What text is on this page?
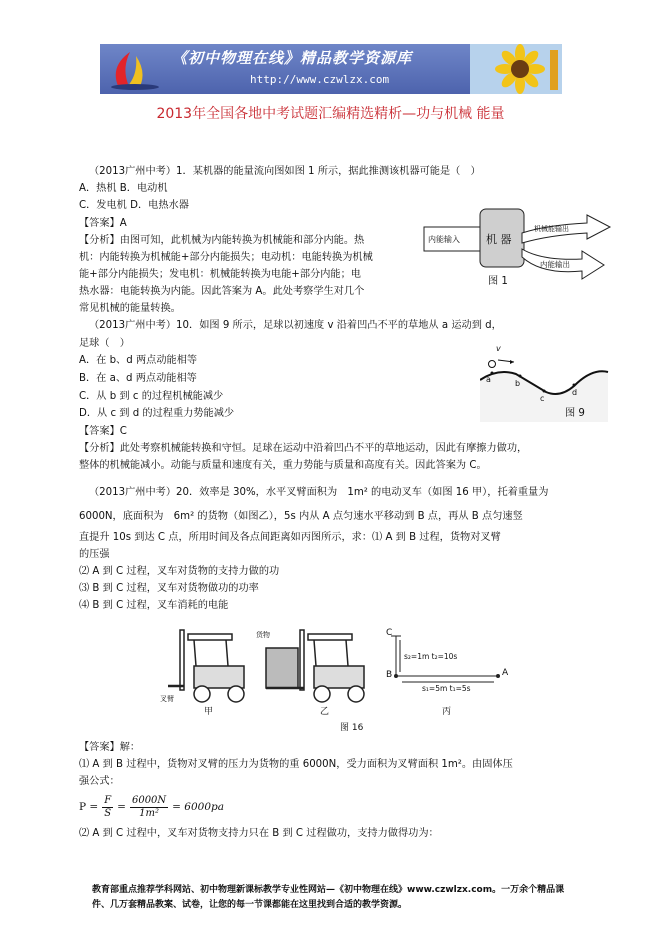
《初中物理在线》精品教学资源库
http://www.czwlzx.com
2013年全国各地中考试题汇编精选精析—功与机械 能量
（2013广州中考）1．某机器的能量流向图如图 1 所示，据此推测该机器可能是（　）
A．热机 B．电动机
C．发电机 D．电热水器
【答案】A
【分析】由图可知，此机械为内能转换为机械能和部分内能。热
机：内能转换为机械能+部分内能损失；电动机：电能转换为机械
能+部分内能损失；发电机：机械能转换为电能+部分内能；电
热水器：电能转换为内能。因此答案为 A。此处考察学生对几个
常见机械的能量转换。
内能输入 机 器
机械能输出
内能输出
图 1
（2013广州中考）10．如图 9 所示，足球以初速度 v 沿着凹凸不平的草地从 a 运动到 d，
足球（　）
A．在 b、d 两点动能相等
B．在 a、d 两点动能相等
C．从 b 到 c 的过程机械能减少
D．从 c 到 d 的过程重力势能减少
【答案】C
【分析】此处考察机械能转换和守恒。足球在运动中沿着凹凸不平的草地运动，因此有摩擦力做功，
整体的机械能减小。动能与质量和速度有关，重力势能与质量和高度有关。因此答案为 C。
v
a	b
c
d
图 9
（2013广州中考）20．效率是 30%，水平叉臂面积为　1m² 的电动叉车（如图 16 甲），托着重量为
6000N，底面积为　6m² 的货物（如图乙），5s 内从 A 点匀速水平移动到 B 点，再从 B 点匀速竖
直提升 10s 到达 C 点，所用时间及各点间距离如丙图所示，求：⑴ A 到 B 过程，货物对叉臂
的压强
⑵ A 到 C 过程，叉车对货物的支持力做的功
⑶ B 到 C 过程，叉车对货物做功的功率
⑷ B 到 C 过程，叉车消耗的电能
货物
叉臂
甲	乙	丙
C
B	A
s₂=1m t₂=10s
s₁=5m t₁=5s
图 16
【答案】解：
⑴ A 到 B 过程中，货物对叉臂的压力为货物的重 6000N，受力面积为叉臂面积 1m²。由固体压
强公式：
$P = \frac{F}{S} = \frac{6000N}{\text{1m²}} = 6000pa$
⑵ A 到 C 过程中，叉车对货物支持力只在 B 到 C 过程做功，支持力做得功为：
教育部重点推荐学科网站、初中物理新课标教学专业性网站—《初中物理在线》www.czwlzx.com。一万余个精品课
件、几万套精品教案、试卷，让您的每一节课都能在这里找到合适的教学资源。
